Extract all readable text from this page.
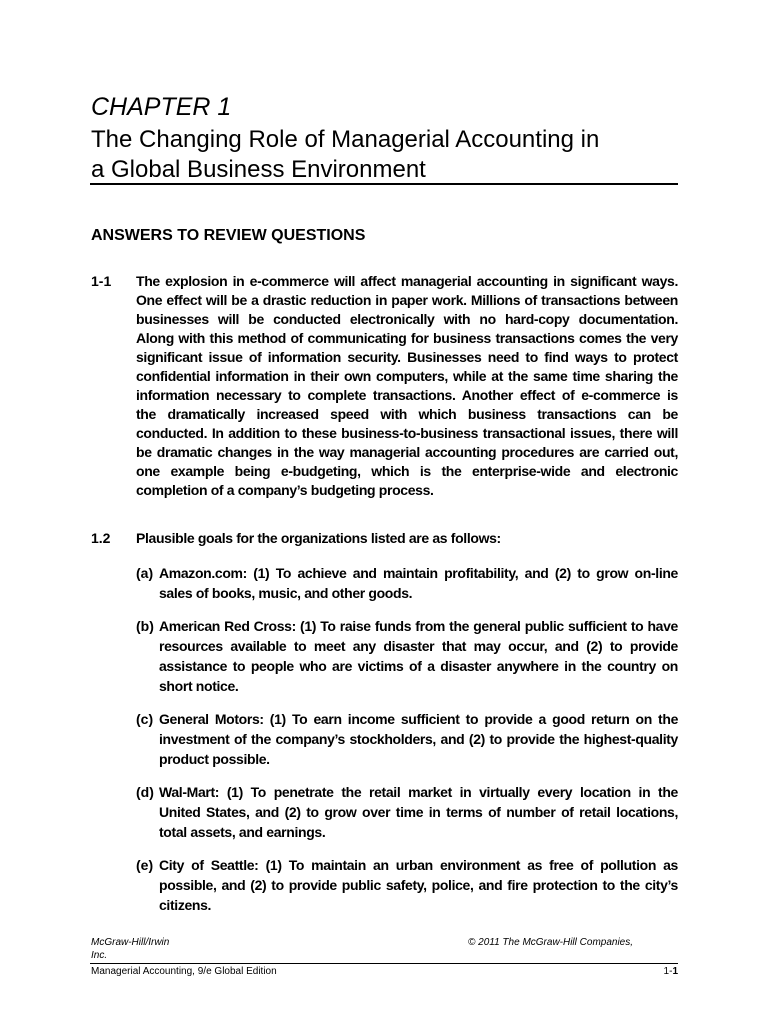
CHAPTER 1
The Changing Role of Managerial Accounting in
a Global Business Environment
ANSWERS TO REVIEW QUESTIONS
1-1 The explosion in e-commerce will affect managerial accounting in significant ways.
One effect will be a drastic reduction in paper work. Millions of transactions between
businesses will be conducted electronically with no hard-copy documentation.
Along with this method of communicating for business transactions comes the very
significant issue of information security. Businesses need to find ways to protect
confidential information in their own computers, while at the same time sharing the
information necessary to complete transactions. Another effect of e-commerce is
the dramatically increased speed with which business transactions can be
conducted. In addition to these business-to-business transactional issues, there will
be dramatic changes in the way managerial accounting procedures are carried out,
one example being e-budgeting, which is the enterprise-wide and electronic
completion of a company’s budgeting process.
1.2 Plausible goals for the organizations listed are as follows:
(a) Amazon.com: (1) To achieve and maintain profitability, and (2) to grow on-line
sales of books, music, and other goods.
(b) American Red Cross: (1) To raise funds from the general public sufficient to have
resources available to meet any disaster that may occur, and (2) to provide
assistance to people who are victims of a disaster anywhere in the country on
short notice.
(c) General Motors: (1) To earn income sufficient to provide a good return on the
investment of the company’s stockholders, and (2) to provide the highest-quality
product possible.
(d) Wal-Mart: (1) To penetrate the retail market in virtually every location in the
United States, and (2) to grow over time in terms of number of retail locations,
total assets, and earnings.
(e) City of Seattle: (1) To maintain an urban environment as free of pollution as
possible, and (2) to provide public safety, police, and fire protection to the city’s
citizens.
McGraw-Hill/Irwin
Inc.
© 2011 The McGraw-Hill Companies,
Managerial Accounting, 9/e Global Edition	1-1
